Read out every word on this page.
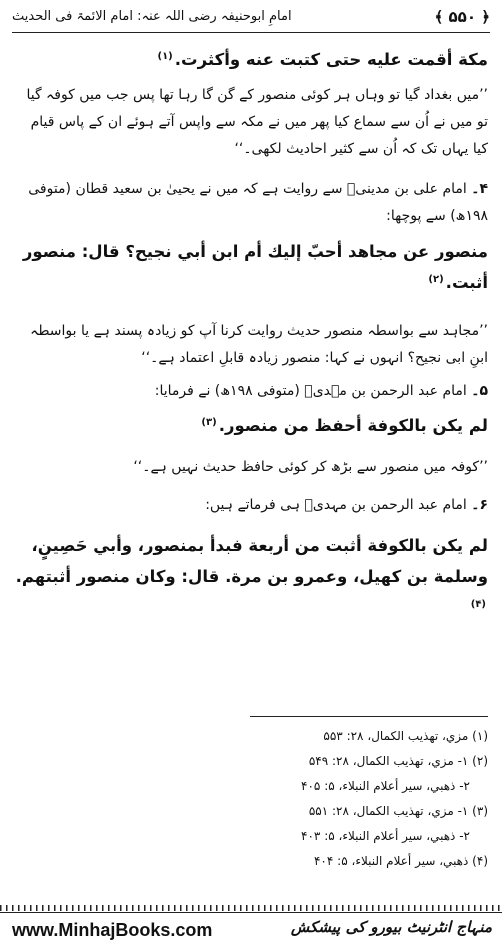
﴿ ۵۵۰ ﴾
امامِ ابوحنیفہ رضی اللہ عنہ: امام الائمۃ فی الحدیث
مكة أقمت عليه حتى كتبت عنه وأكثرت.$^{(۱)}$
’’میں بغداد گیا تو وہاں ہر کوئی منصور کے گن گا رہا تھا پس جب میں کوفہ گیا تو میں نے اُن سے سماع کیا پھر میں نے مکہ سے واپس آتے ہوئے ان کے پاس قیام کیا یہاں تک کہ اُن سے کثیر احادیث لکھی۔‘‘
۴۔ امام علی بن مدینیؒ سے روایت ہے کہ میں نے یحییٰ بن سعید قطان (متوفی ۱۹۸ھ) سے پوچھا:
منصور عن مجاهد أحبّ إليك أم ابن أبي نجيح؟ قال: منصور أثبت.$^{(۲)}$
’’مجاہد سے بواسطہ منصور حدیث روایت کرنا آپ کو زیادہ پسند ہے یا بواسطہ ابنِ ابی نجیح؟ انہوں نے کہا: منصور زیادہ قابلِ اعتماد ہے۔‘‘
۵۔ امام عبد الرحمن بن مہدیؒ (متوفی ۱۹۸ھ) نے فرمایا:
لم يكن بالكوفة أحفظ من منصور.$^{(۳)}$
’’کوفہ میں منصور سے بڑھ کر کوئی حافظ حدیث نہیں ہے۔‘‘
۶۔ امام عبد الرحمن بن مہدیؒ ہی فرماتے ہیں:
لم يكن بالكوفة أثبت من أربعة فبدأ بمنصور، وأبي حَصِينٍ، وسلمة بن كهيل، وعمرو بن مرة. قال: وكان منصور أثبتهم.$^{(۴)}$
(۱) مزي، تهذيب الكمال، ۲۸: ۵۵۳
(۲) ۱- مزي، تهذيب الكمال، ۲۸: ۵۴۹
۲- ذهبي، سير أعلام النبلاء، ۵: ۴۰۵
(۳) ۱- مزي، تهذيب الكمال، ۲۸: ۵۵۱
۲- ذهبي، سير أعلام النبلاء، ۵: ۴۰۳
(۴) ذهبي، سير أعلام النبلاء، ۵: ۴۰۴
www.MinhajBooks.com	منہاج انٹرنیٹ بیورو کی پیشکش
